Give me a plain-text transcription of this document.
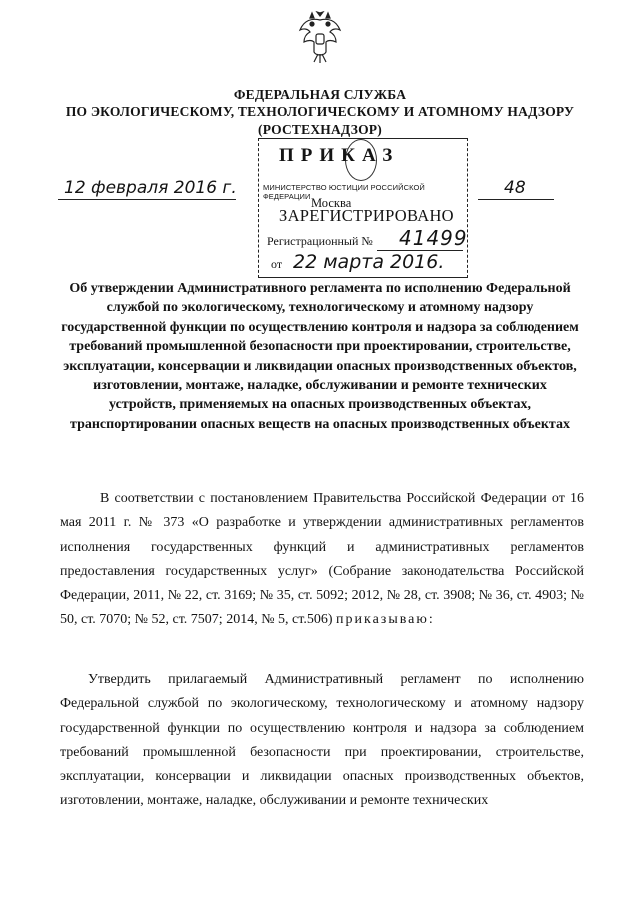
ФЕДЕРАЛЬНАЯ СЛУЖБА
ПО ЭКОЛОГИЧЕСКОМУ, ТЕХНОЛОГИЧЕСКОМУ И АТОМНОМУ НАДЗОРУ
(РОСТЕХНАДЗОР)
12 февраля 2016 г.	48
ПРИКАЗ
МИНИСТЕРСТВО ЮСТИЦИИ РОССИЙСКОЙ ФЕДЕРАЦИИ Москва
ЗАРЕГИСТРИРОВАНО
Регистрационный № 41499
от 22 марта 2016.
Об утверждении Административного регламента по исполнению Федеральной службой по экологическому, технологическому и атомному надзору государственной функции по осуществлению контроля и надзора за соблюдением требований промышленной безопасности при проектировании, строительстве, эксплуатации, консервации и ликвидации опасных производственных объектов, изготовлении, монтаже, наладке, обслуживании и ремонте технических устройств, применяемых на опасных производственных объектах, транспортировании опасных веществ на опасных производственных объектах
В соответствии с постановлением Правительства Российской Федерации от 16 мая 2011 г. № 373 «О разработке и утверждении административных регламентов исполнения государственных функций и административных регламентов предоставления государственных услуг» (Собрание законодательства Российской Федерации, 2011, № 22, ст. 3169; № 35, ст. 5092; 2012, № 28, ст. 3908; № 36, ст. 4903; № 50, ст. 7070; № 52, ст. 7507; 2014, № 5, ст.506) приказываю:
Утвердить прилагаемый Административный регламент по исполнению Федеральной службой по экологическому, технологическому и атомному надзору государственной функции по осуществлению контроля и надзора за соблюдением требований промышленной безопасности при проектировании, строительстве, эксплуатации, консервации и ликвидации опасных производственных объектов, изготовлении, монтаже, наладке, обслуживании и ремонте технических
